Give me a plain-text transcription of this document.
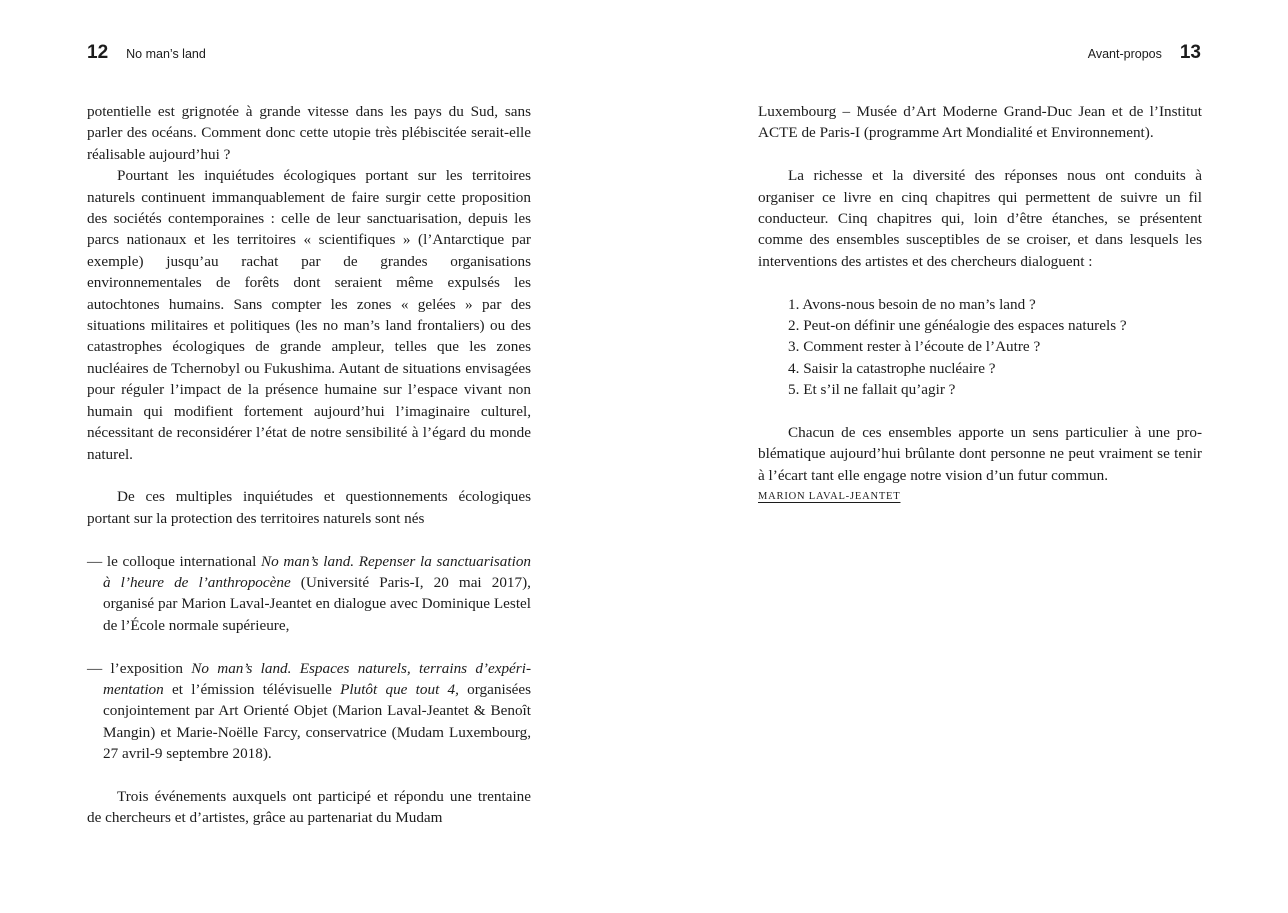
12 No man’s land	Avant-propos 13

potentielle est grignotée à grande vitesse dans les pays du Sud, sans parler des océans. Comment donc cette utopie très plébiscitée serait-elle réalisable aujourd’hui ?

Pourtant les inquiétudes écologiques portant sur les territoires naturels continuent immanquablement de faire surgir cette proposition des sociétés contemporaines : celle de leur sanctuarisation, depuis les parcs nationaux et les territoires « scientifiques » (l’Antarctique par exemple) jusqu’au rachat par de grandes organisations environnementales de forêts dont seraient même expulsés les autochtones humains. Sans compter les zones « gelées » par des situations militaires et politiques (les no man’s land frontaliers) ou des catastrophes écologiques de grande ampleur, telles que les zones nucléaires de Tchernobyl ou Fukushima. Autant de situations envisagées pour réguler l’impact de la présence humaine sur l’espace vivant non humain qui modifient fortement aujourd’hui l’imaginaire culturel, nécessitant de reconsidérer l’état de notre sensibilité à l’égard du monde naturel.

De ces multiples inquiétudes et questionnements écologiques portant sur la protection des territoires naturels sont nés

— le colloque international No man’s land. Repenser la sanctuarisation à l’heure de l’anthropocène (Université Paris-I, 20 mai 2017), organisé par Marion Laval-Jeantet en dialogue avec Dominique Lestel de l’École normale supérieure,

— l’exposition No man’s land. Espaces naturels, terrains d’expérimentation et l’émission télévisuelle Plutôt que tout 4, organisées conjointement par Art Orienté Objet (Marion Laval-Jeantet & Benoît Mangin) et Marie-Noëlle Farcy, conservatrice (Mudam Luxembourg, 27 avril-9 septembre 2018).

Trois événements auxquels ont participé et répondu une trentaine de chercheurs et d’artistes, grâce au partenariat du Mudam

Luxembourg – Musée d’Art Moderne Grand-Duc Jean et de l’Institut ACTE de Paris-I (programme Art Mondialité et Environnement).

La richesse et la diversité des réponses nous ont conduits à organiser ce livre en cinq chapitres qui permettent de suivre un fil conducteur. Cinq chapitres qui, loin d’être étanches, se présentent comme des ensembles susceptibles de se croiser, et dans lesquels les interventions des artistes et des chercheurs dialoguent :

1. Avons-nous besoin de no man’s land ?
2. Peut-on définir une généalogie des espaces naturels ?
3. Comment rester à l’écoute de l’Autre ?
4. Saisir la catastrophe nucléaire ?
5. Et s’il ne fallait qu’agir ?

Chacun de ces ensembles apporte un sens particulier à une problématique aujourd’hui brûlante dont personne ne peut vraiment se tenir à l’écart tant elle engage notre vision d’un futur commun.

MARION LAVAL-JEANTET
